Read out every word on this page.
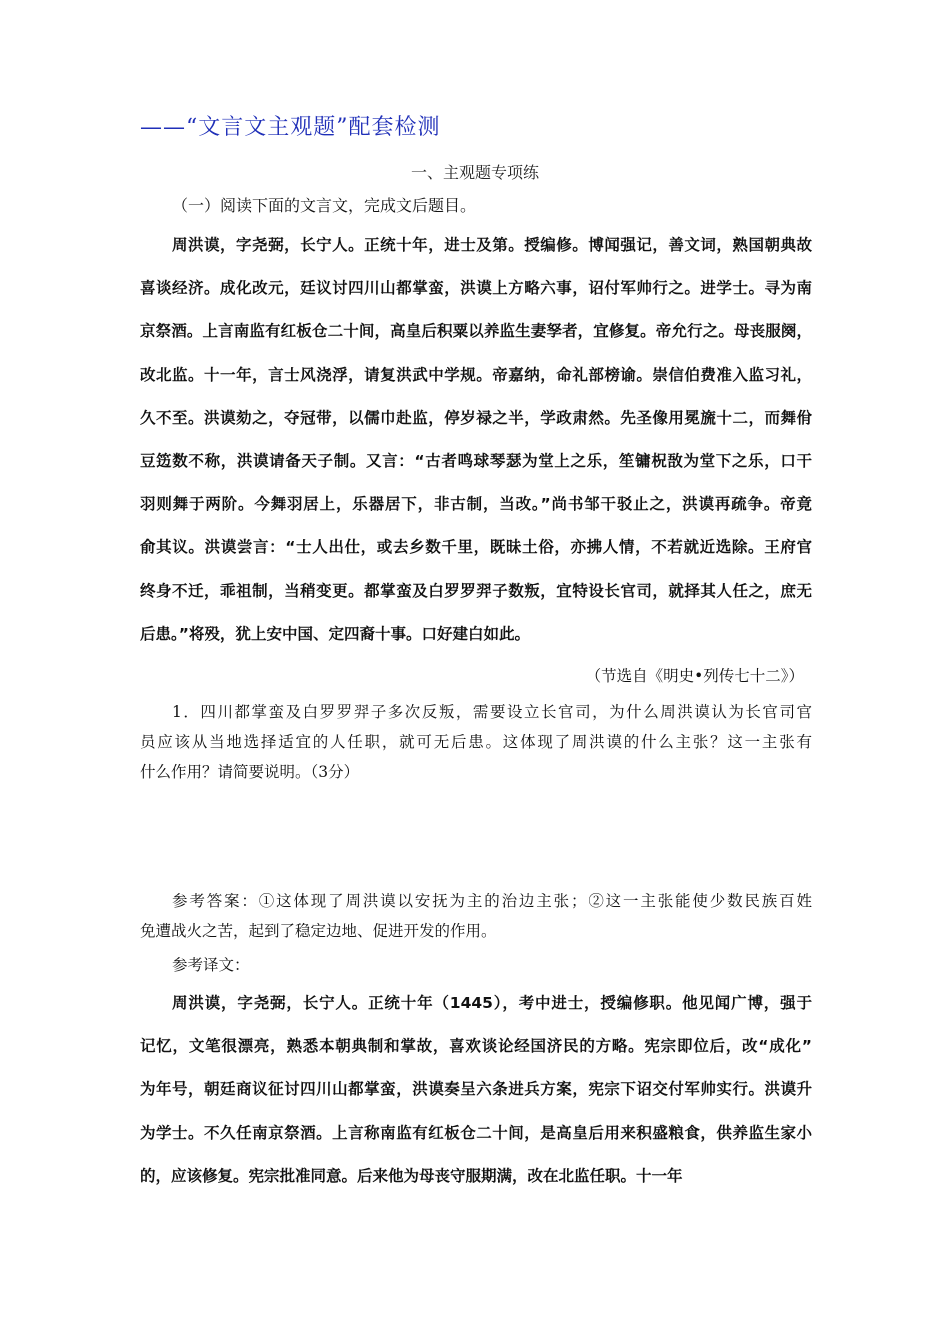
——“文言文主观题”配套检测
一、主观题专项练
（一）阅读下面的文言文，完成文后题目。
周洪谟，字尧弼，长宁人。正统十年，进士及第。授编修。博闻强记，善文词，熟国朝典故
喜谈经济。成化改元，廷议讨四川山都掌蛮，洪谟上方略六事，诏付军帅行之。进学士。寻为南
京祭酒。上言南监有红板仓二十间，高皇后积粟以养监生妻孥者，宜修复。帝允行之。母丧服阕，
改北监。十一年，言士风浇浮，请复洪武中学规。帝嘉纳，命礼部榜谕。崇信伯费准入监习礼，
久不至。洪谟劾之，夺冠带，以儒巾赴监，停岁禄之半，学政肃然。先圣像用冕旒十二，而舞佾
豆笾数不称，洪谟请备天子制。又言：“古者鸣球琴瑟为堂上之乐，笙镛柷敔为堂下之乐，口干
羽则舞于两阶。今舞羽居上，乐器居下，非古制，当改。”尚书邹干驳止之，洪谟再疏争。帝竟
俞其议。洪谟尝言：“士人出仕，或去乡数千里，既昧土俗，亦拂人情，不若就近选除。王府官
终身不迁，乖祖制，当稍变更。都掌蛮及白罗罗羿子数叛，宜特设长官司，就择其人任之，庶无
后患。”将殁，犹上安中国、定四裔十事。口好建白如此。
（节选自《明史•列传七十二》）
1．四川都掌蛮及白罗罗羿子多次反叛，需要设立长官司，为什么周洪谟认为长官司官
员应该从当地选择适宜的人任职，就可无后患。这体现了周洪谟的什么主张？这一主张有
什么作用？请简要说明。（3分）
参考答案：①这体现了周洪谟以安抚为主的治边主张；②这一主张能使少数民族百姓
免遭战火之苦，起到了稳定边地、促进开发的作用。
参考译文：
周洪谟，字尧弼，长宁人。正统十年（1445），考中进士，授编修职。他见闻广博，强于
记忆，文笔很漂亮，熟悉本朝典制和掌故，喜欢谈论经国济民的方略。宪宗即位后，改“成化”
为年号，朝廷商议征讨四川山都掌蛮，洪谟奏呈六条进兵方案，宪宗下诏交付军帅实行。洪谟升
为学士。不久任南京祭酒。上言称南监有红板仓二十间，是高皇后用来积盛粮食，供养监生家小
的，应该修复。宪宗批准同意。后来他为母丧守服期满，改在北监任职。十一年
